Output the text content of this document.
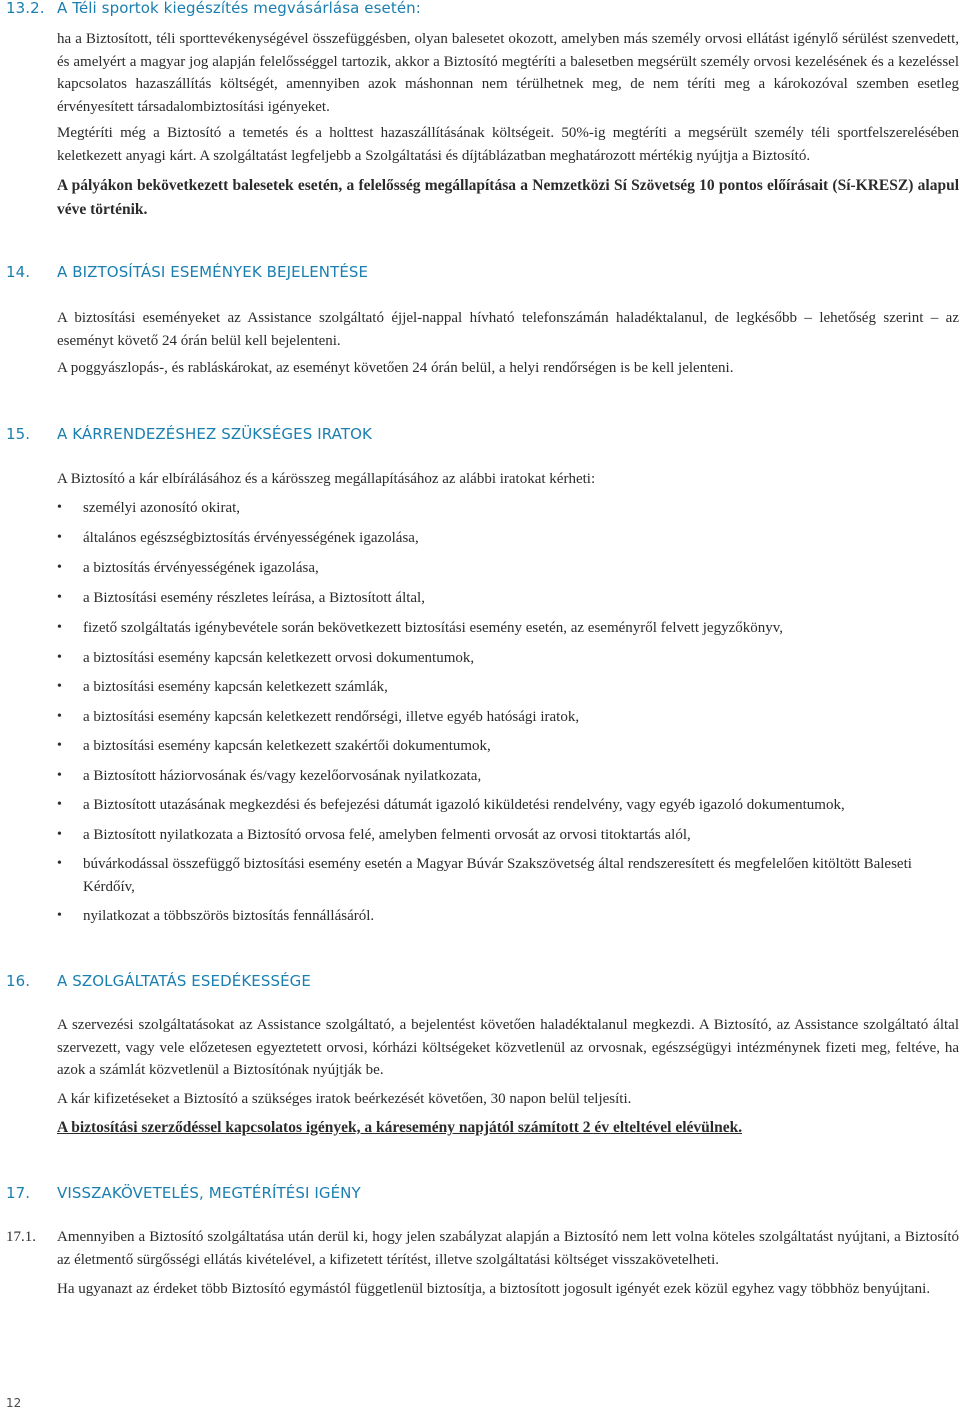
13.2. A Téli sportok kiegészítés megvásárlása esetén:

ha a Biztosított, téli sporttevékenységével összefüggésben, olyan balesetet okozott, amelyben más személy orvosi ellátást igénylő sérülést szenvedett, és amelyért a magyar jog alapján felelősséggel tartozik, akkor a Biztosító megtéríti a balesetben megsérült személy orvosi kezelésének és a kezeléssel kapcsolatos hazaszállítás költségét, amennyiben azok máshonnan nem térülhetnek meg, de nem téríti meg a károkozóval szemben esetleg érvényesített társadalombiztosítási igényeket.

Megtéríti még a Biztosító a temetés és a holttest hazaszállításának költségeit. 50%-ig megtéríti a megsérült személy téli sportfelszerelésében keletkezett anyagi kárt. A szolgáltatást legfeljebb a Szolgáltatási és díjtáblázatban meghatározott mértékig nyújtja a Biztosító.

A pályákon bekövetkezett balesetek esetén, a felelősség megállapítása a Nemzetközi Sí Szövetség 10 pontos előírásait (Sí-KRESZ) alapul véve történik.

14. A BIZTOSÍTÁSI ESEMÉNYEK BEJELENTÉSE

A biztosítási eseményeket az Assistance szolgáltató éjjel-nappal hívható telefonszámán haladéktalanul, de legkésőbb – lehetőség szerint – az eseményt követő 24 órán belül kell bejelenteni.

A poggyászlopás-, és rabláskárokat, az eseményt követően 24 órán belül, a helyi rendőrségen is be kell jelenteni.

15. A KÁRRENDEZÉSHEZ SZÜKSÉGES IRATOK

A Biztosító a kár elbírálásához és a kárösszeg megállapításához az alábbi iratokat kérheti:

• személyi azonosító okirat,
• általános egészségbiztosítás érvényességének igazolása,
• a biztosítás érvényességének igazolása,
• a Biztosítási esemény részletes leírása, a Biztosított által,
• fizető szolgáltatás igénybevétele során bekövetkezett biztosítási esemény esetén, az eseményről felvett jegyzőkönyv,
• a biztosítási esemény kapcsán keletkezett orvosi dokumentumok,
• a biztosítási esemény kapcsán keletkezett számlák,
• a biztosítási esemény kapcsán keletkezett rendőrségi, illetve egyéb hatósági iratok,
• a biztosítási esemény kapcsán keletkezett szakértői dokumentumok,
• a Biztosított háziorvosának és/vagy kezelőorvosának nyilatkozata,
• a Biztosított utazásának megkezdési és befejezési dátumát igazoló kiküldetési rendelvény, vagy egyéb igazoló dokumentumok,
• a Biztosított nyilatkozata a Biztosító orvosa felé, amelyben felmenti orvosát az orvosi titoktartás alól,
• búvárkodással összefüggő biztosítási esemény esetén a Magyar Búvár Szakszövetség által rendszeresített és megfelelően kitöltött Baleseti Kérdőív,
• nyilatkozat a többszörös biztosítás fennállásáról.
16. A SZOLGÁLTATÁS ESEDÉKESSÉGE

A szervezési szolgáltatásokat az Assistance szolgáltató, a bejelentést követően haladéktalanul megkezdi. A Biztosító, az Assistance szolgáltató által szervezett, vagy vele előzetesen egyeztetett orvosi, kórházi költségeket közvetlenül az orvosnak, egészségügyi intézménynek fizeti meg, feltéve, ha azok a számlát közvetlenül a Biztosítónak nyújtják be.

A kár kifizetéseket a Biztosító a szükséges iratok beérkezését követően, 30 napon belül teljesíti.

A biztosítási szerződéssel kapcsolatos igények, a káresemény napjától számított 2 év elteltével elévülnek.

17. VISSZAKÖVETELÉS, MEGTÉRÍTÉSI IGÉNY
17.1. Amennyiben a Biztosító szolgáltatása után derül ki, hogy jelen szabályzat alapján a Biztosító nem lett volna köteles szolgáltatást nyújtani, a Biztosító az életmentő sürgősségi ellátás kivételével, a kifizetett térítést, illetve szolgáltatási költséget visszakövetelheti.

Ha ugyanazt az érdeket több Biztosító egymástól függetlenül biztosítja, a biztosított jogosult igényét ezek közül egyhez vagy többhöz benyújtani.

12
